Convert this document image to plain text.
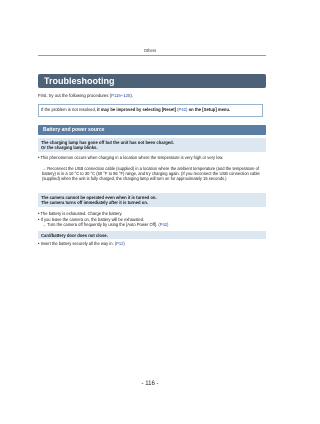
Others
Troubleshooting
First, try out the following procedures (P116–125).
If the problem is not resolved, it may be improved by selecting [Reset] (P42) on the [Setup] menu.
Battery and power source
The charging lamp has gone off but the unit has not been charged.
Or the charging lamp blinks.
• This phenomenon occurs when charging in a location where the temperature is very high or very low.
→ Reconnect the USB connection cable (supplied) in a location where the ambient temperature (and the temperature of battery) is in a 10 °C to 30 °C (50 °F to 86 °F) range, and try charging again. (If you reconnect the USB connection cable (supplied) when the unit is fully charged, the charging lamp will turn on for approximately 15 seconds.)
The camera cannot be operated even when it is turned on.
The camera turns off immediately after it is turned on.
• The battery is exhausted. Charge the battery.
• If you leave the camera on, the battery will be exhausted.
→ Turn the camera off frequently by using the [Auto Power Off]. (P42)
Card/battery door does not close.
• Insert the battery securely all the way in. (P12)
- 116 -
